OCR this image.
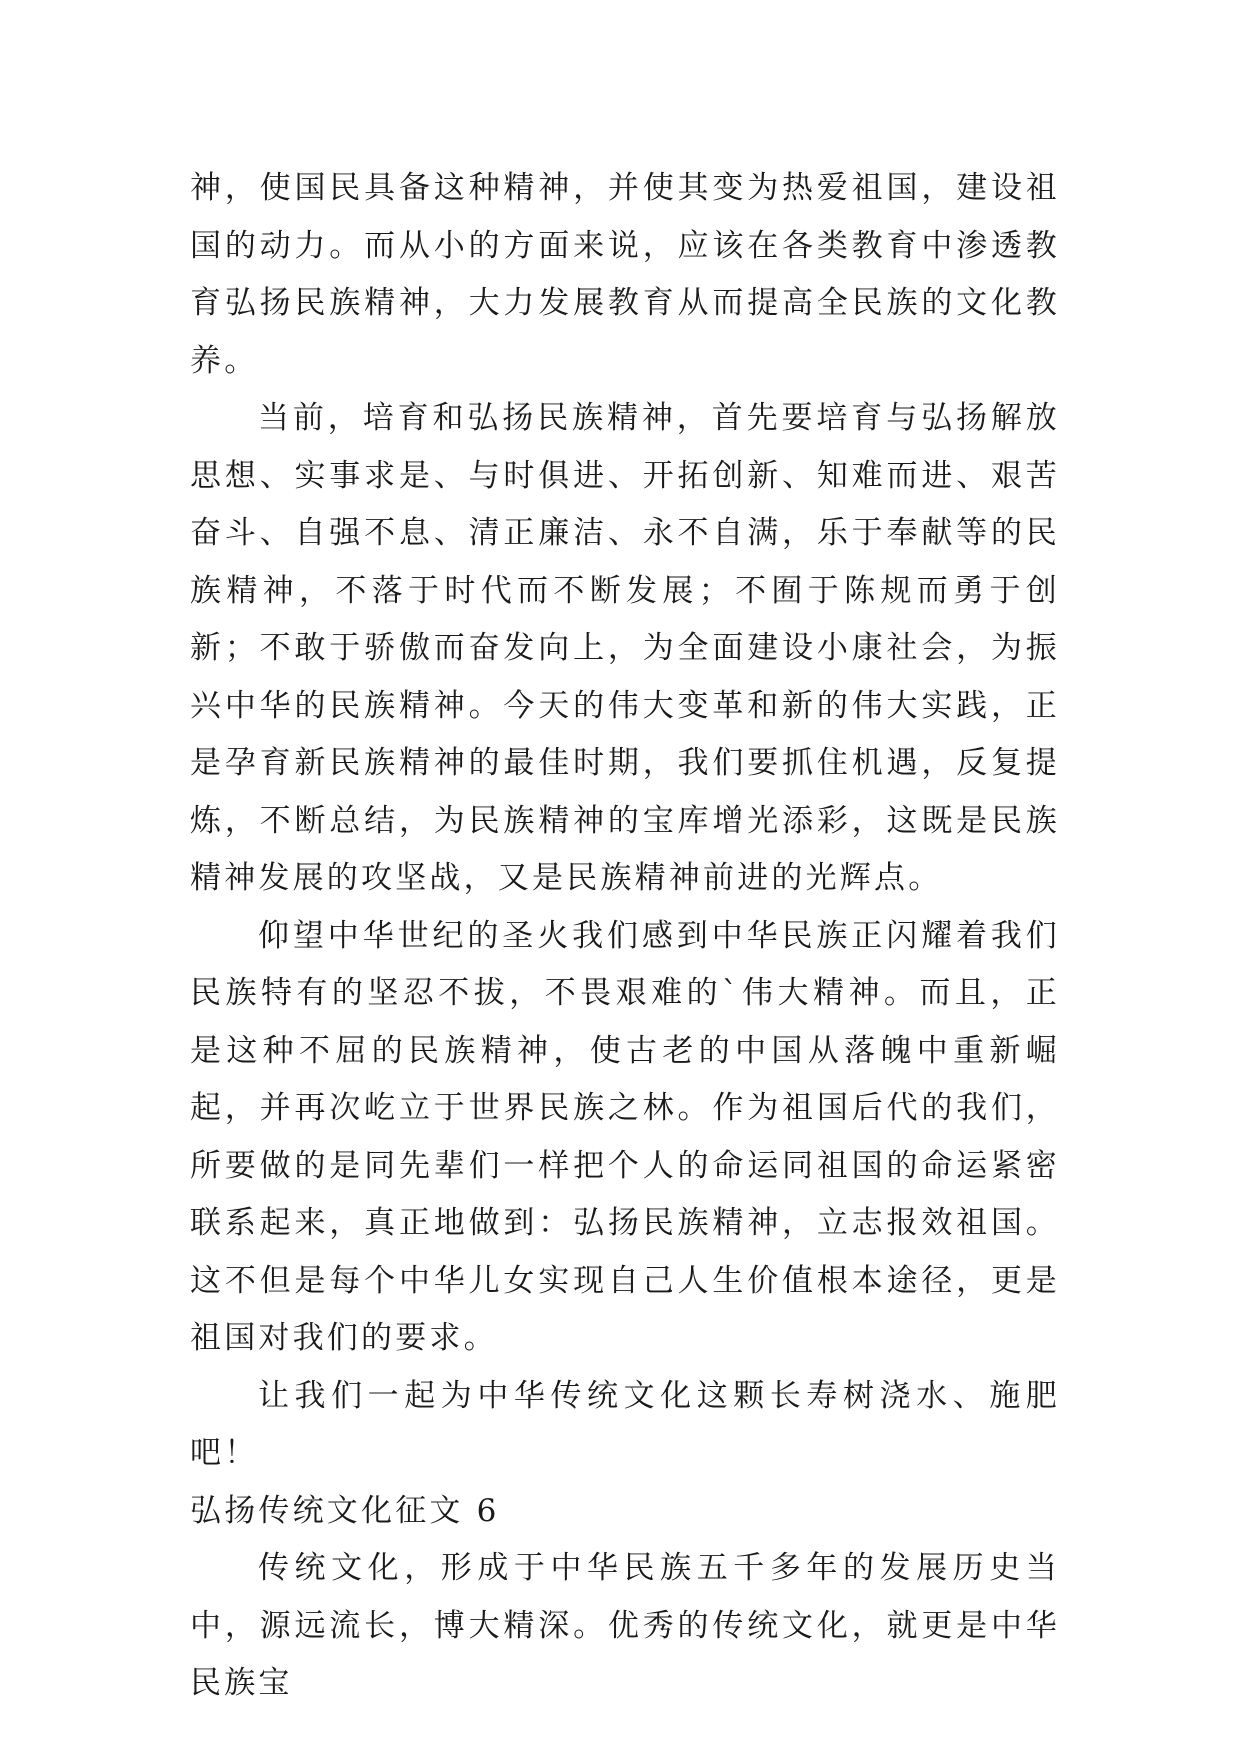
神，使国民具备这种精神，并使其变为热爱祖国，建设祖国的动力。而从小的方面来说，应该在各类教育中渗透教育弘扬民族精神，大力发展教育从而提高全民族的文化教养。

当前，培育和弘扬民族精神，首先要培育与弘扬解放思想、实事求是、与时俱进、开拓创新、知难而进、艰苦奋斗、自强不息、清正廉洁、永不自满，乐于奉献等的民族精神，不落于时代而不断发展；不囿于陈规而勇于创新；不敢于骄傲而奋发向上，为全面建设小康社会，为振兴中华的民族精神。今天的伟大变革和新的伟大实践，正是孕育新民族精神的最佳时期，我们要抓住机遇，反复提炼，不断总结，为民族精神的宝库增光添彩，这既是民族精神发展的攻坚战，又是民族精神前进的光辉点。

仰望中华世纪的圣火我们感到中华民族正闪耀着我们民族特有的坚忍不拔，不畏艰难的`伟大精神。而且，正是这种不屈的民族精神，使古老的中国从落魄中重新崛起，并再次屹立于世界民族之林。作为祖国后代的我们，所要做的是同先辈们一样把个人的命运同祖国的命运紧密联系起来，真正地做到：弘扬民族精神，立志报效祖国。这不但是每个中华儿女实现自己人生价值根本途径，更是祖国对我们的要求。

让我们一起为中华传统文化这颗长寿树浇水、施肥吧！

弘扬传统文化征文 6

传统文化，形成于中华民族五千多年的发展历史当中，源远流长，博大精深。优秀的传统文化，就更是中华民族宝
